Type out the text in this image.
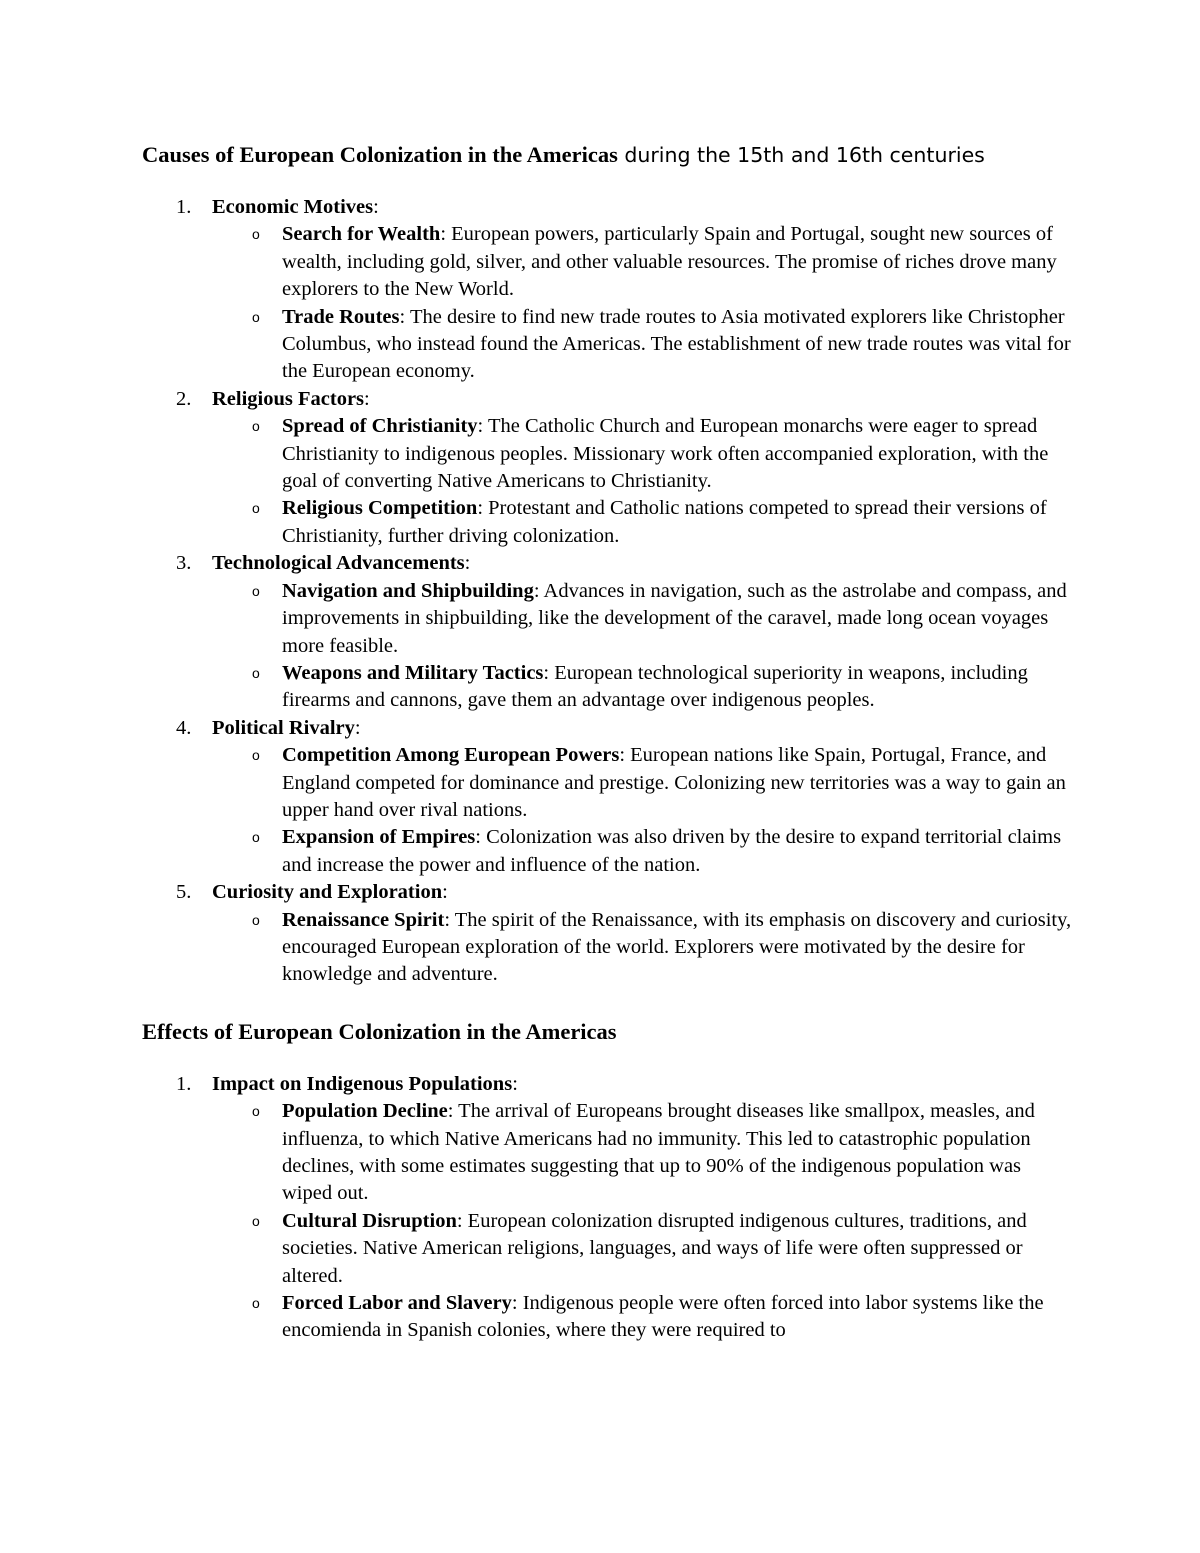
Causes of European Colonization in the Americas during the 15th and 16th centuries
1. Economic Motives:
o Search for Wealth: European powers, particularly Spain and Portugal, sought new sources of wealth, including gold, silver, and other valuable resources. The promise of riches drove many explorers to the New World.
o Trade Routes: The desire to find new trade routes to Asia motivated explorers like Christopher Columbus, who instead found the Americas. The establishment of new trade routes was vital for the European economy.
2. Religious Factors:
o Spread of Christianity: The Catholic Church and European monarchs were eager to spread Christianity to indigenous peoples. Missionary work often accompanied exploration, with the goal of converting Native Americans to Christianity.
o Religious Competition: Protestant and Catholic nations competed to spread their versions of Christianity, further driving colonization.
3. Technological Advancements:
o Navigation and Shipbuilding: Advances in navigation, such as the astrolabe and compass, and improvements in shipbuilding, like the development of the caravel, made long ocean voyages more feasible.
o Weapons and Military Tactics: European technological superiority in weapons, including firearms and cannons, gave them an advantage over indigenous peoples.
4. Political Rivalry:
o Competition Among European Powers: European nations like Spain, Portugal, France, and England competed for dominance and prestige. Colonizing new territories was a way to gain an upper hand over rival nations.
o Expansion of Empires: Colonization was also driven by the desire to expand territorial claims and increase the power and influence of the nation.
5. Curiosity and Exploration:
o Renaissance Spirit: The spirit of the Renaissance, with its emphasis on discovery and curiosity, encouraged European exploration of the world. Explorers were motivated by the desire for knowledge and adventure.
Effects of European Colonization in the Americas
1. Impact on Indigenous Populations:
o Population Decline: The arrival of Europeans brought diseases like smallpox, measles, and influenza, to which Native Americans had no immunity. This led to catastrophic population declines, with some estimates suggesting that up to 90% of the indigenous population was wiped out.
o Cultural Disruption: European colonization disrupted indigenous cultures, traditions, and societies. Native American religions, languages, and ways of life were often suppressed or altered.
o Forced Labor and Slavery: Indigenous people were often forced into labor systems like the encomienda in Spanish colonies, where they were required to
